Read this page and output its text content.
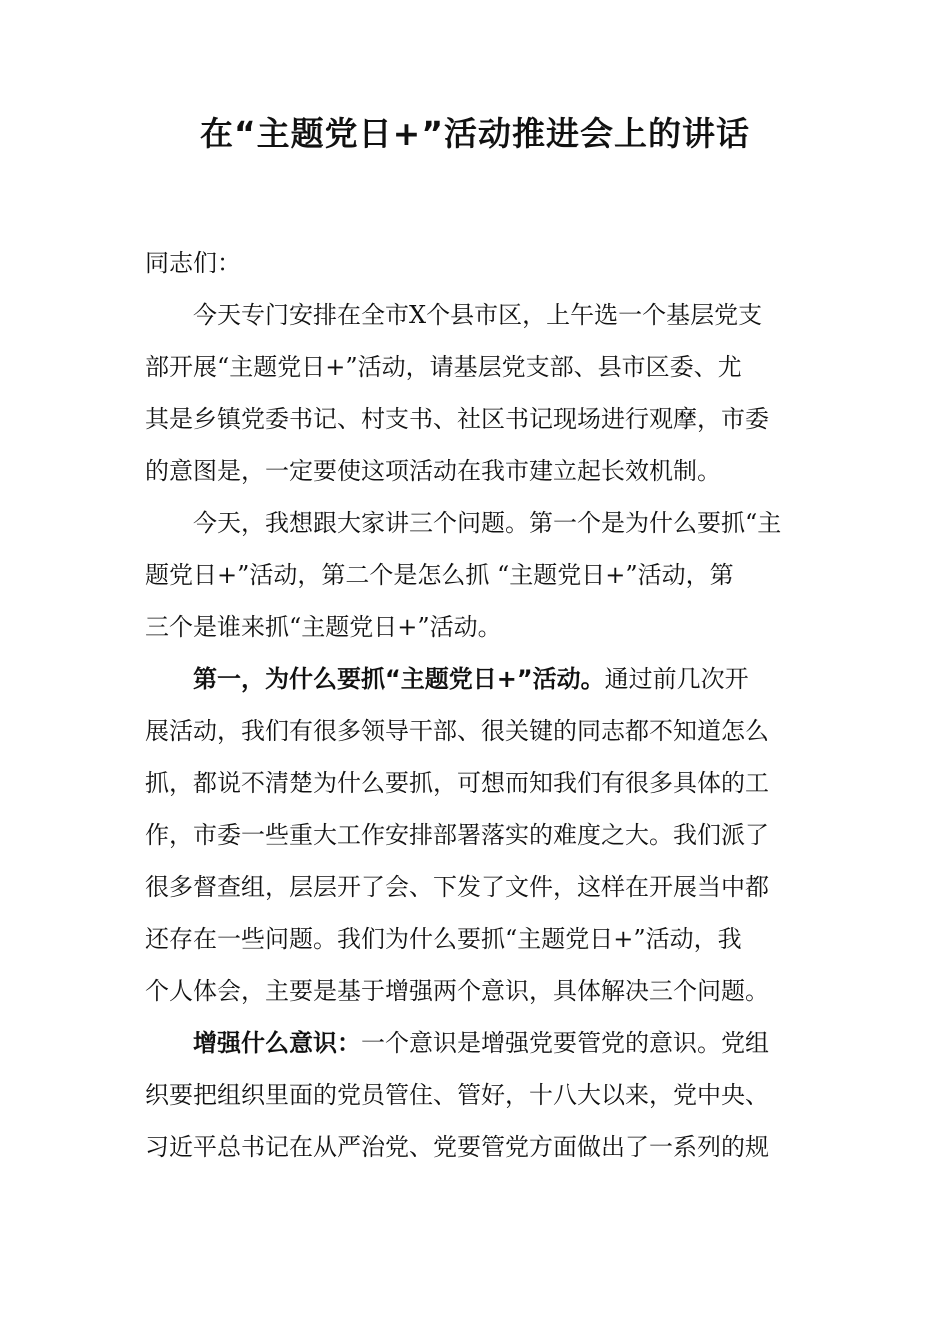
在“主题党日+”活动推进会上的讲话
同志们：
今天专门安排在全市X个县市区，上午选一个基层党支
部开展“主题党日+”活动，请基层党支部、县市区委、尤
其是乡镇党委书记、村支书、社区书记现场进行观摩，市委
的意图是，一定要使这项活动在我市建立起长效机制。
今天，我想跟大家讲三个问题。第一个是为什么要抓“主
题党日+”活动，第二个是怎么抓 “主题党日+”活动，第
三个是谁来抓“主题党日+”活动。
第一，为什么要抓“主题党日+”活动。通过前几次开
展活动，我们有很多领导干部、很关键的同志都不知道怎么
抓，都说不清楚为什么要抓，可想而知我们有很多具体的工
作，市委一些重大工作安排部署落实的难度之大。我们派了
很多督查组，层层开了会、下发了文件，这样在开展当中都
还存在一些问题。我们为什么要抓“主题党日+”活动，我
个人体会，主要是基于增强两个意识，具体解决三个问题。
增强什么意识：一个意识是增强党要管党的意识。党组
织要把组织里面的党员管住、管好，十八大以来，党中央、
习近平总书记在从严治党、党要管党方面做出了一系列的规
